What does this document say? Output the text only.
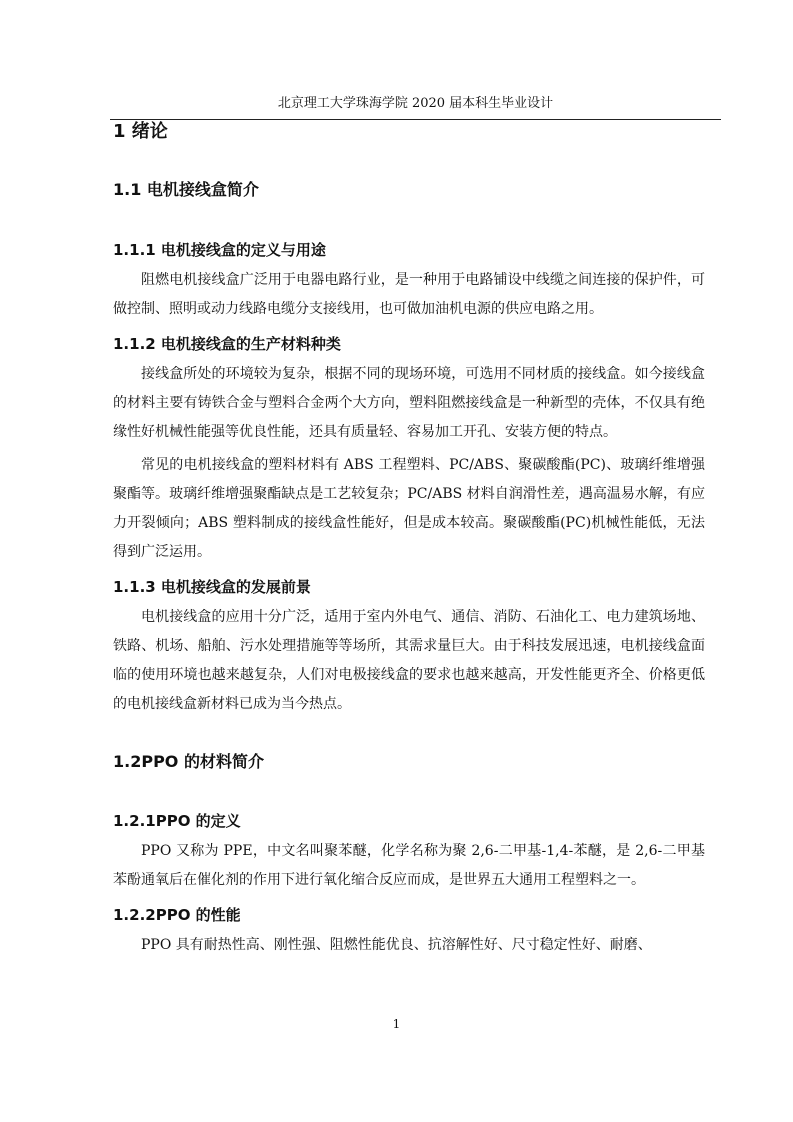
北京理工大学珠海学院 2020 届本科生毕业设计
1 绪论
1.1 电机接线盒简介
1.1.1 电机接线盒的定义与用途

阻燃电机接线盒广泛用于电器电路行业，是一种用于电路铺设中线缆之间连接的保护件，可做控制、照明或动力线路电缆分支接线用，也可做加油机电源的供应电路之用。

1.1.2 电机接线盒的生产材料种类

接线盒所处的环境较为复杂，根据不同的现场环境，可选用不同材质的接线盒。如今接线盒的材料主要有铸铁合金与塑料合金两个大方向，塑料阻燃接线盒是一种新型的壳体，不仅具有绝缘性好机械性能强等优良性能，还具有质量轻、容易加工开孔、安装方便的特点。

常见的电机接线盒的塑料材料有 ABS 工程塑料、PC/ABS、聚碳酸酯(PC)、玻璃纤维增强聚酯等。玻璃纤维增强聚酯缺点是工艺较复杂；PC/ABS 材料自润滑性差，遇高温易水解，有应力开裂倾向；ABS 塑料制成的接线盒性能好，但是成本较高。聚碳酸酯(PC)机械性能低，无法得到广泛运用。

1.1.3 电机接线盒的发展前景

电机接线盒的应用十分广泛，适用于室内外电气、通信、消防、石油化工、电力建筑场地、铁路、机场、船舶、污水处理措施等等场所，其需求量巨大。由于科技发展迅速，电机接线盒面临的使用环境也越来越复杂，人们对电极接线盒的要求也越来越高，开发性能更齐全、价格更低的电机接线盒新材料已成为当今热点。

1.2PPO 的材料简介
1.2.1PPO 的定义

PPO 又称为 PPE，中文名叫聚苯醚，化学名称为聚 2,6-二甲基-1,4-苯醚，是 2,6-二甲基苯酚通氧后在催化剂的作用下进行氧化缩合反应而成，是世界五大通用工程塑料之一。

1.2.2PPO 的性能

PPO 具有耐热性高、刚性强、阻燃性能优良、抗溶解性好、尺寸稳定性好、耐磨、

1
